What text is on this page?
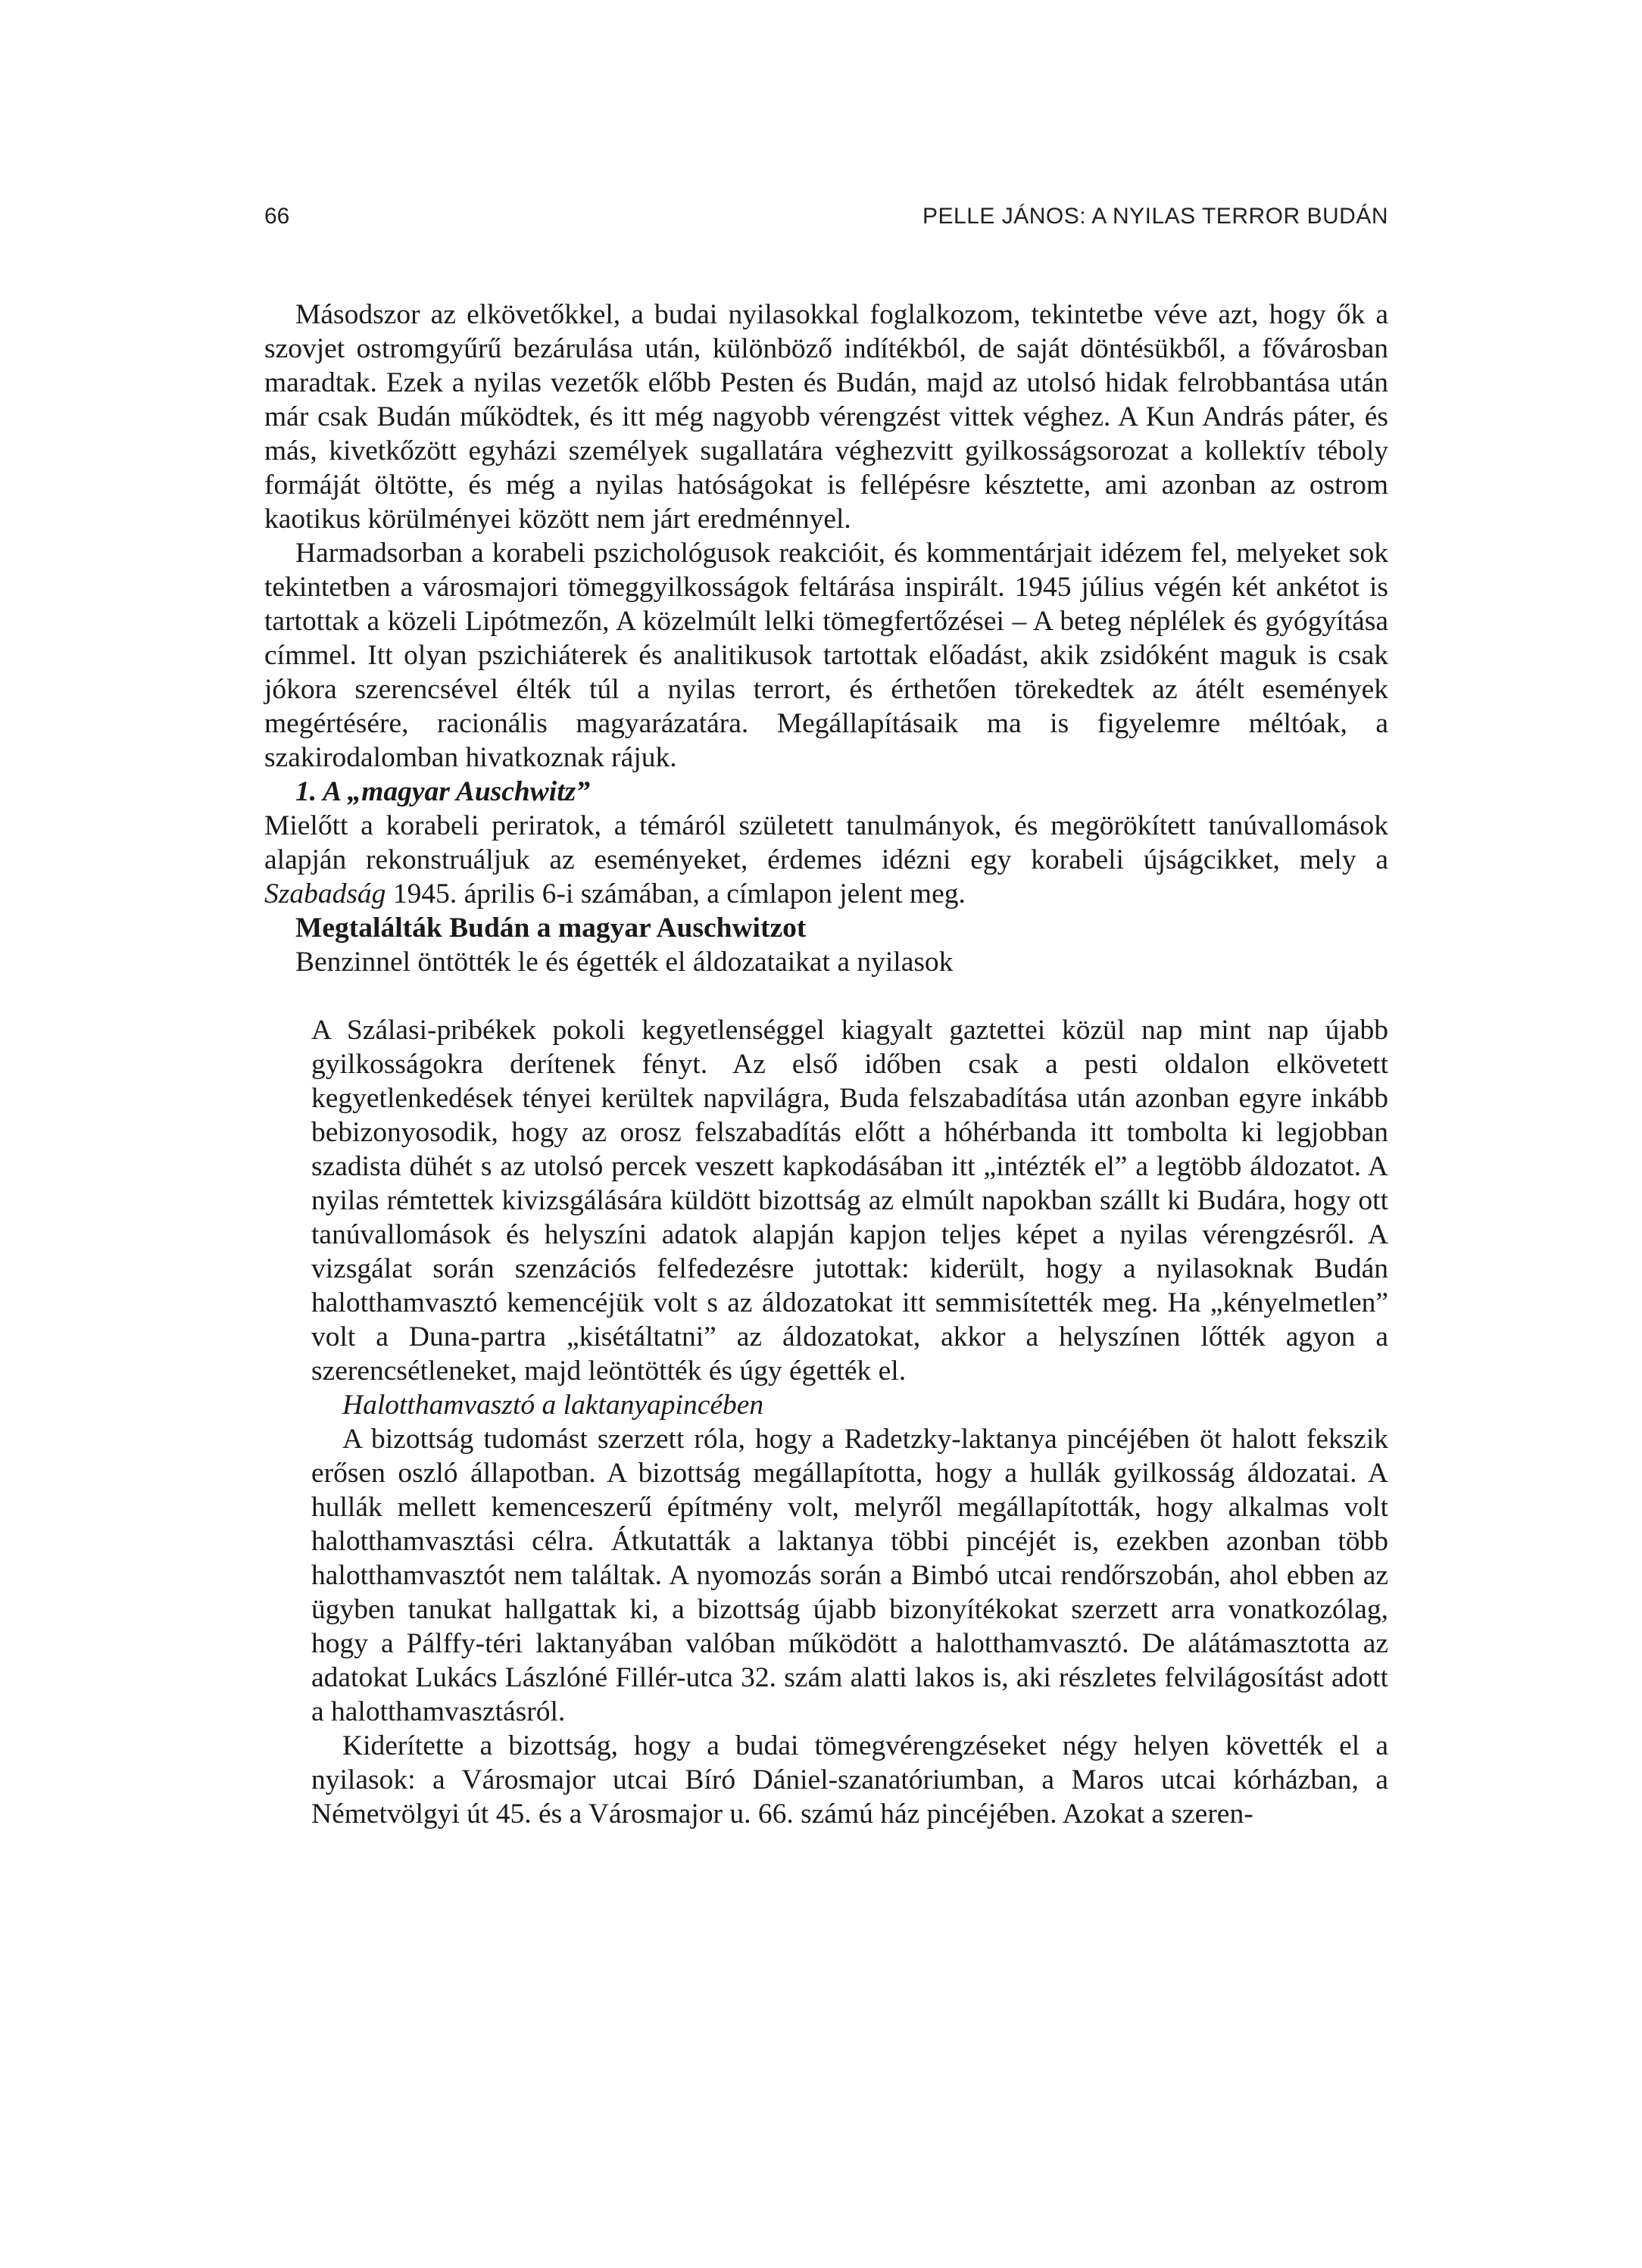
66	PELLE JÁNOS: A NYILAS TERROR BUDÁN

Másodszor az elkövetőkkel, a budai nyilasokkal foglalkozom, tekintetbe véve azt, hogy ők a szovjet ostromgyűrű bezárulása után, különböző indítékból, de saját döntésükből, a fővárosban maradtak. Ezek a nyilas vezetők előbb Pesten és Budán, majd az utolsó hidak felrobbantása után már csak Budán működtek, és itt még nagyobb vérengzést vittek véghez. A Kun András páter, és más, kivetkőzött egyházi személyek sugallatára véghezvitt gyilkosságsorozat a kollektív téboly formáját öltötte, és még a nyilas hatóságokat is fellépésre késztette, ami azonban az ostrom kaotikus körülményei között nem járt eredménnyel.

Harmadsorban a korabeli pszichológusok reakcióit, és kommentárjait idézem fel, melyeket sok tekintetben a városmajori tömeggyilkosságok feltárása inspirált. 1945 július végén két ankétot is tartottak a közeli Lipótmezőn, A közelmúlt lelki tömegfertőzései – A beteg néplélek és gyógyítása címmel. Itt olyan pszichiáterek és analitikusok tartottak előadást, akik zsidóként maguk is csak jókora szerencsével élték túl a nyilas terrort, és érthetően törekedtek az átélt események megértésére, racionális magyarázatára. Megállapításaik ma is figyelemre méltóak, a szakirodalomban hivatkoznak rájuk.

1. A „magyar Auschwitz”

Mielőtt a korabeli periratok, a témáról született tanulmányok, és megörökített tanúvallomások alapján rekonstruáljuk az eseményeket, érdemes idézni egy korabeli újságcikket, mely a Szabadság 1945. április 6-i számában, a címlapon jelent meg.

Megtalálták Budán a magyar Auschwitzot

Benzinnel öntötték le és égették el áldozataikat a nyilasok

A Szálasi-pribékek pokoli kegyetlenséggel kiagyalt gaztettei közül nap mint nap újabb gyilkosságokra derítenek fényt. Az első időben csak a pesti oldalon elkövetett kegyetlenkedések tényei kerültek napvilágra, Buda felszabadítása után azonban egyre inkább bebizonyosodik, hogy az orosz felszabadítás előtt a hóhérbanda itt tombolta ki legjobban szadista dühét s az utolsó percek veszett kapkodásában itt „intézték el” a legtöbb áldozatot. A nyilas rémtettek kivizsgálására küldött bizottság az elmúlt napokban szállt ki Budára, hogy ott tanúvallomások és helyszíni adatok alapján kapjon teljes képet a nyilas vérengzésről. A vizsgálat során szenzációs felfedezésre jutottak: kiderült, hogy a nyilasoknak Budán halotthamvasztó kemencéjük volt s az áldozatokat itt semmisítették meg. Ha „kényelmetlen” volt a Duna-partra „kisétáltatni” az áldozatokat, akkor a helyszínen lőtték agyon a szerencsétleneket, majd leöntötték és úgy égették el.

Halotthamvasztó a laktanyapincében

A bizottság tudomást szerzett róla, hogy a Radetzky-laktanya pincéjében öt halott fekszik erősen oszló állapotban. A bizottság megállapította, hogy a hullák gyilkosság áldozatai. A hullák mellett kemenceszerű építmény volt, melyről megállapították, hogy alkalmas volt halotthamvasztási célra. Átkutatták a laktanya többi pincéjét is, ezekben azonban több halotthamvasztót nem találtak. A nyomozás során a Bimbó utcai rendőrszobán, ahol ebben az ügyben tanukat hallgattak ki, a bizottság újabb bizonyítékokat szerzett arra vonatkozólag, hogy a Pálffy-téri laktanyában valóban működött a halotthamvasztó. De alátámasztotta az adatokat Lukács Lászlóné Fillér-utca 32. szám alatti lakos is, aki részletes felvilágosítást adott a halotthamvasztásról.

Kiderítette a bizottság, hogy a budai tömegvérengzéseket négy helyen követték el a nyilasok: a Városmajor utcai Bíró Dániel-szanatóriumban, a Maros utcai kórházban, a Németvölgyi út 45. és a Városmajor u. 66. számú ház pincéjében. Azokat a szeren-
